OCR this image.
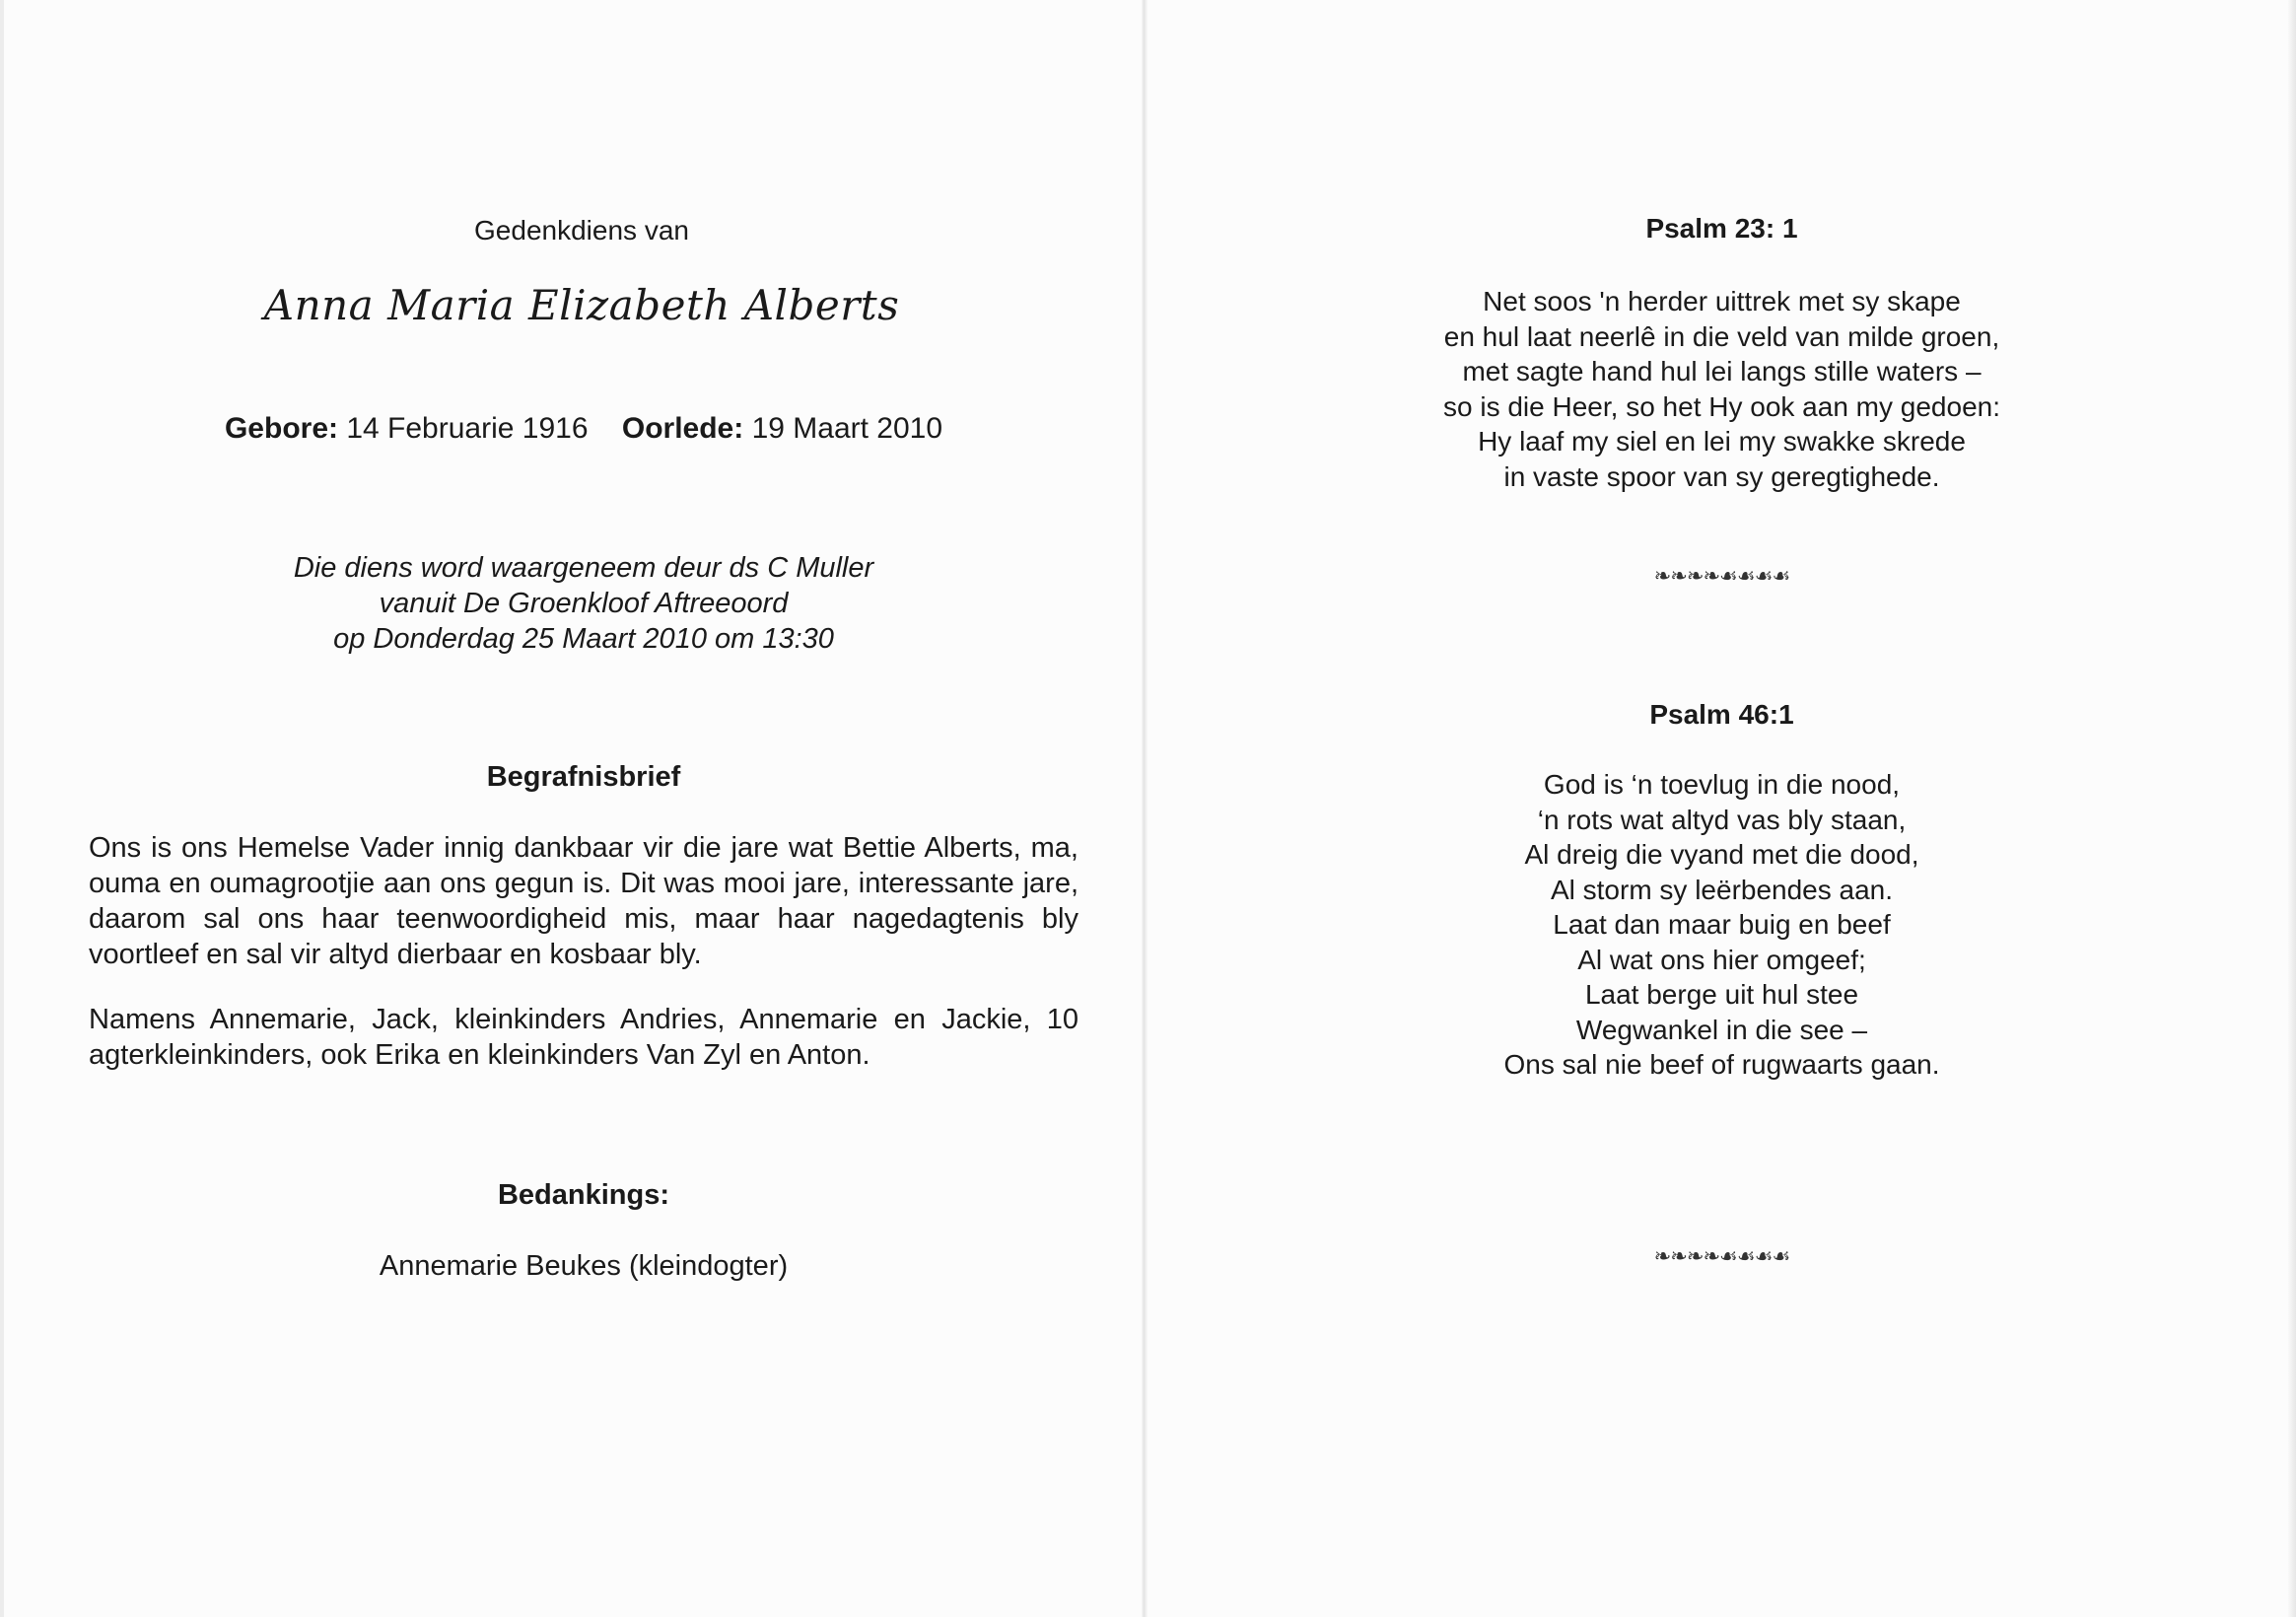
Gedenkdiens van
Anna Maria Elizabeth Alberts
Gebore: 14 Februarie 1916 Oorlede: 19 Maart 2010
Die diens word waargeneem deur ds C Muller
vanuit De Groenkloof Aftreeoord
op Donderdag 25 Maart 2010 om 13:30
Begrafnisbrief
Ons is ons Hemelse Vader innig dankbaar vir die jare wat Bettie Alberts, ma, ouma en oumagrootjie aan ons gegun is. Dit was mooi jare, interessante jare, daarom sal ons haar teenwoordigheid mis, maar haar nagedagtenis bly voortleef en sal vir altyd dierbaar en kosbaar bly.
Namens Annemarie, Jack, kleinkinders Andries, Annemarie en Jackie, 10 agterkleinkinders, ook Erika en kleinkinders Van Zyl en Anton.
Bedankings:
Annemarie Beukes (kleindogter)
Psalm 23: 1
Net soos 'n herder uittrek met sy skape
en hul laat neerlê in die veld van milde groen,
met sagte hand hul lei langs stille waters –
so is die Heer, so het Hy ook aan my gedoen:
Hy laaf my siel en lei my swakke skrede
in vaste spoor van sy geregtighede.
❧❧❧❧☙☙☙☙
Psalm 46:1
God is ‘n toevlug in die nood,
‘n rots wat altyd vas bly staan,
Al dreig die vyand met die dood,
Al storm sy leërbendes aan.
Laat dan maar buig en beef
Al wat ons hier omgeef;
Laat berge uit hul stee
Wegwankel in die see –
Ons sal nie beef of rugwaarts gaan.
❧❧❧❧☙☙☙☙
